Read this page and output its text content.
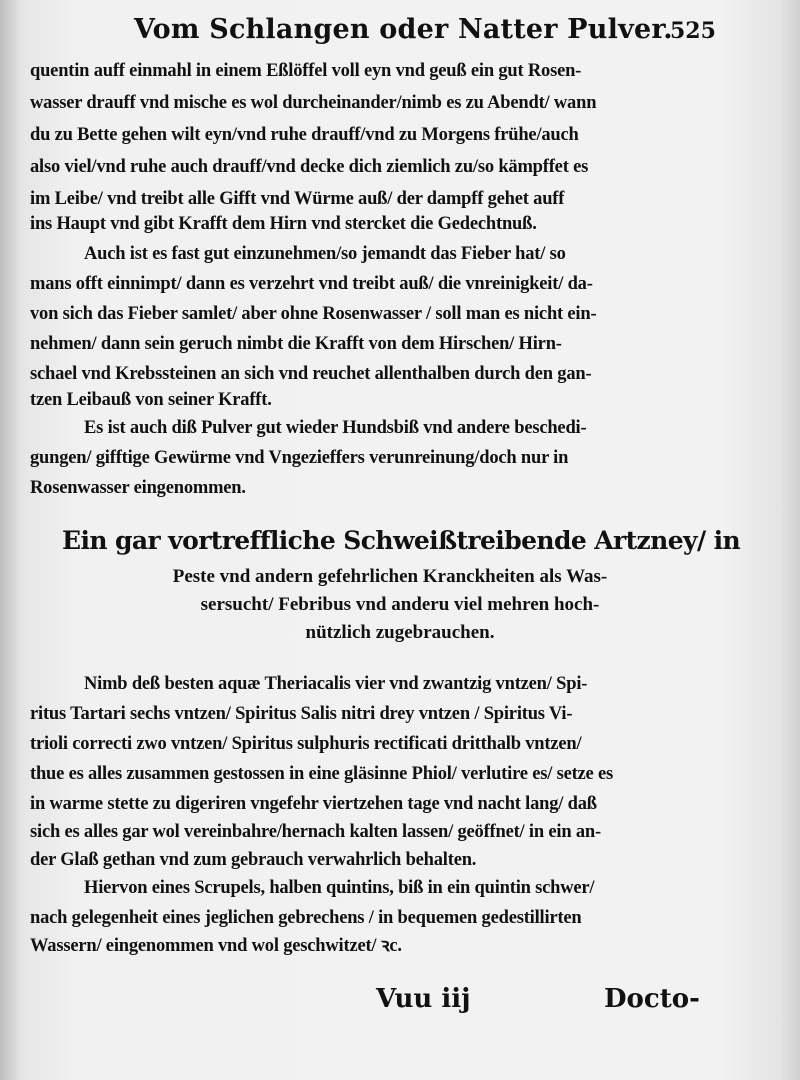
Vom Schlangen oder Natter Pulver.
525
quentin auff einmahl in einem Eßlöffel voll eyn vnd geuß ein gut Rosen-
wasser drauff vnd mische es wol durcheinander/nimb es zu Abendt/ wann
du zu Bette gehen wilt eyn/vnd ruhe drauff/vnd zu Morgens frühe/auch
also viel/vnd ruhe auch drauff/vnd decke dich ziemlich zu/so kämpffet es
im Leibe/ vnd treibt alle Gifft vnd Würme auß/ der dampff gehet auff
ins Haupt vnd gibt Krafft dem Hirn vnd stercket die Gedechtnuß.
Auch ist es fast gut einzunehmen/so jemandt das Fieber hat/ so
mans offt einnimpt/ dann es verzehrt vnd treibt auß/ die vnreinigkeit/ da-
von sich das Fieber samlet/ aber ohne Rosenwasser / soll man es nicht ein-
nehmen/ dann sein geruch nimbt die Krafft von dem Hirschen/ Hirn-
schael vnd Krebssteinen an sich vnd reuchet allenthalben durch den gan-
tzen Leibauß von seiner Krafft.
Es ist auch diß Pulver gut wieder Hundsbiß vnd andere beschedi-
gungen/ gifftige Gewürme vnd Vngezieffers verunreinung/doch nur in
Rosenwasser eingenommen.
Ein gar vortreffliche Schweißtreibende Artzney/ in
Peste vnd andern gefehrlichen Kranckheiten als Was-
sersucht/ Febribus vnd anderu viel mehren hoch-
nützlich zugebrauchen.
Nimb deß besten aquæ Theriacalis vier vnd zwantzig vntzen/ Spi-
ritus Tartari sechs vntzen/ Spiritus Salis nitri drey vntzen / Spiritus Vi-
trioli correcti zwo vntzen/ Spiritus sulphuris rectificati dritthalb vntzen/
thue es alles zusammen gestossen in eine gläsinne Phiol/ verlutire es/ setze es
in warme stette zu digeriren vngefehr viertzehen tage vnd nacht lang/ daß
sich es alles gar wol vereinbahre/hernach kalten lassen/ geöffnet/ in ein an-
der Glaß gethan vnd zum gebrauch verwahrlich behalten.
Hiervon eines Scrupels, halben quintins, biß in ein quintin schwer/
nach gelegenheit eines jeglichen gebrechens / in bequemen gedestillirten
Wassern/ eingenommen vnd wol geschwitzet/ ꝛc.
Vuu iij	Docto-
